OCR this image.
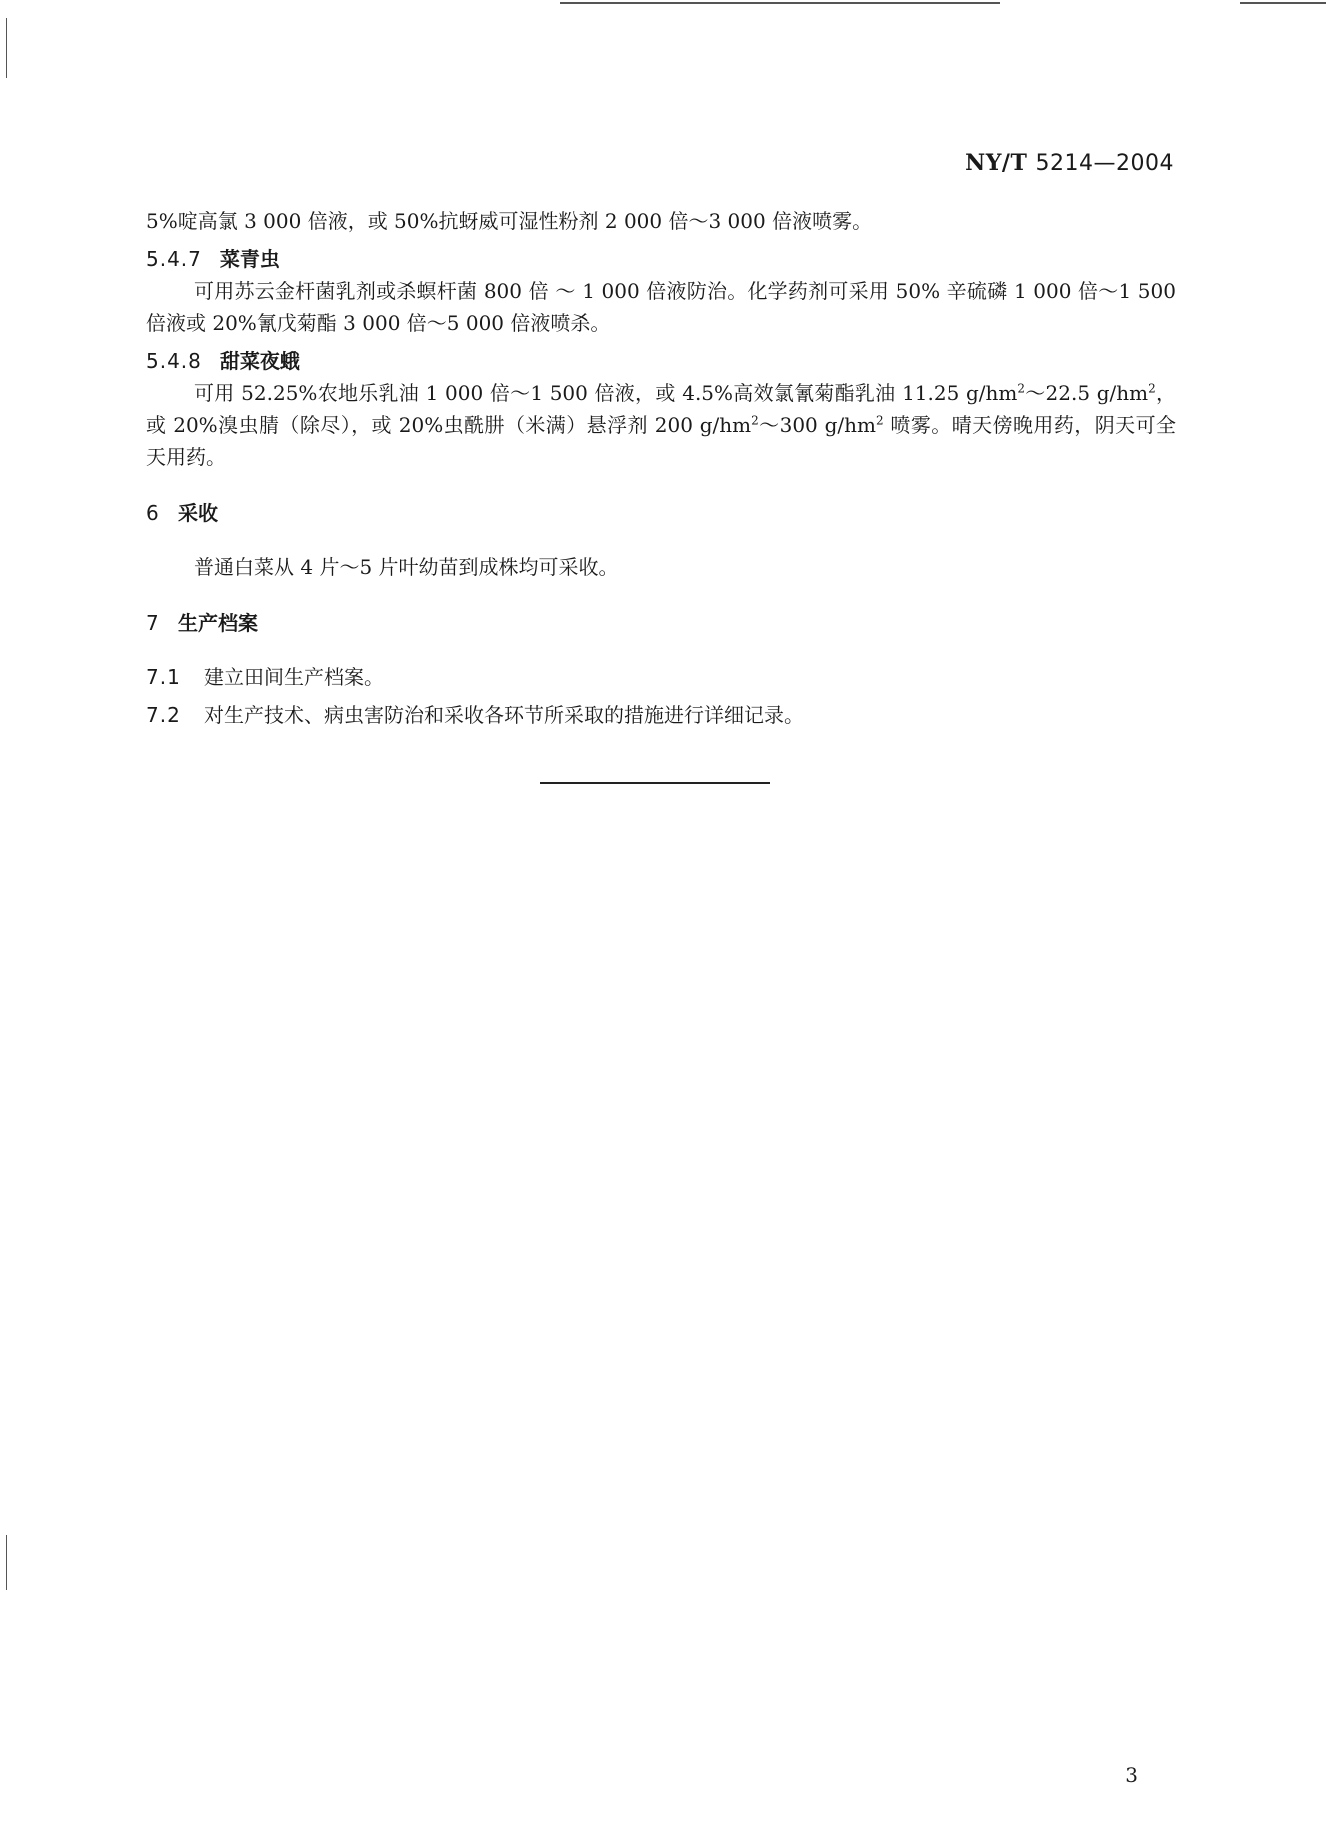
NY/T 5214—2004

5%啶高氯 3 000 倍液，或 50%抗蚜威可湿性粉剂 2 000 倍～3 000 倍液喷雾。

5.4.7 菜青虫

可用苏云金杆菌乳剂或杀螟杆菌 800 倍 ～ 1 000 倍液防治。化学药剂可采用 50% 辛硫磷 1 000 倍～1 500 倍液或 20%氰戊菊酯 3 000 倍～5 000 倍液喷杀。

5.4.8 甜菜夜蛾

可用 52.25%农地乐乳油 1 000 倍～1 500 倍液，或 4.5%高效氯氰菊酯乳油 11.25 $g/hm^2\sim 22.5$ $g/hm^2$，或 20%溴虫腈（除尽），或 20%虫酰肼（米满）悬浮剂 200 $g/hm^2\sim 300$ $g/hm^2$ 喷雾。晴天傍晚用药，阴天可全天用药。

6 采收

普通白菜从 4 片～5 片叶幼苗到成株均可采收。

7 生产档案

7.1 建立田间生产档案。

7.2 对生产技术、病虫害防治和采收各环节所采取的措施进行详细记录。

3
